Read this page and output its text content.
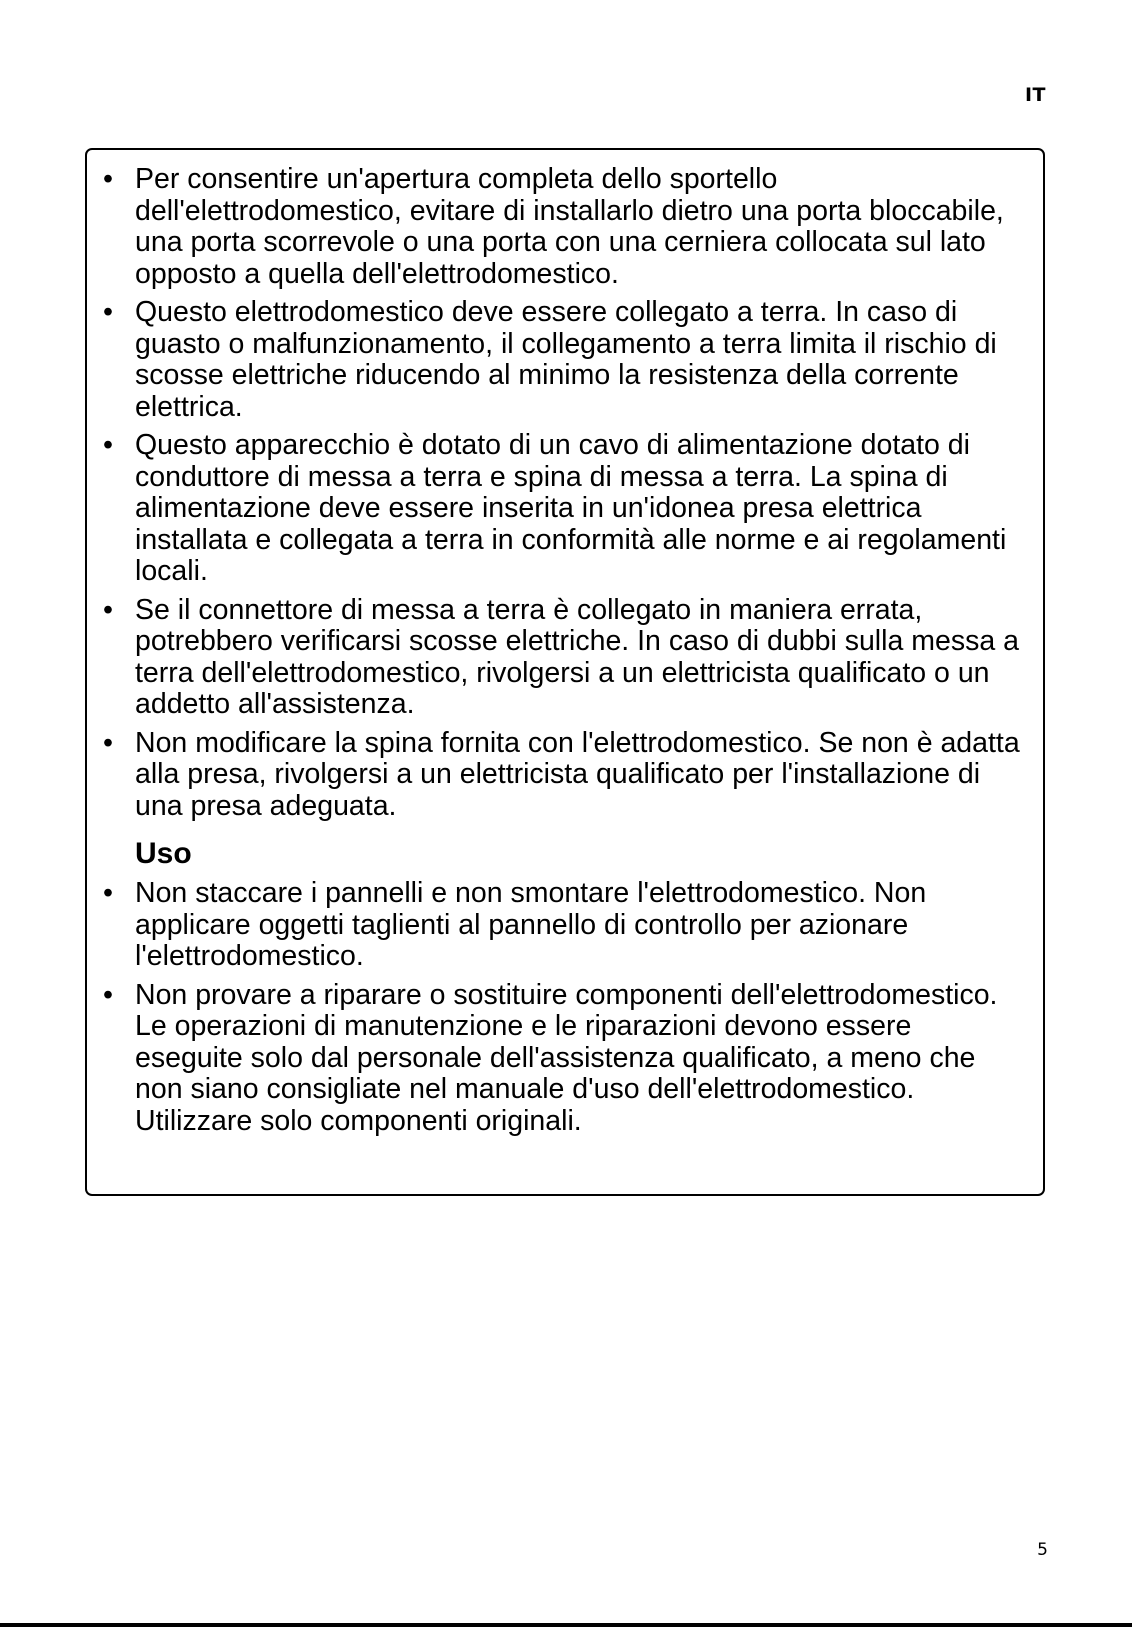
IT
• Per consentire un'apertura completa dello sportello dell'elettrodomestico, evitare di installarlo dietro una porta bloccabile, una porta scorrevole o una porta con una cerniera collocata sul lato opposto a quella dell'elettrodomestico.
• Questo elettrodomestico deve essere collegato a terra. In caso di guasto o malfunzionamento, il collegamento a terra limita il rischio di scosse elettriche riducendo al minimo la resistenza della corrente elettrica.
• Questo apparecchio è dotato di un cavo di alimentazione dotato di conduttore di messa a terra e spina di messa a terra. La spina di alimentazione deve essere inserita in un'idonea presa elettrica installata e collegata a terra in conformità alle norme e ai regolamenti locali.
• Se il connettore di messa a terra è collegato in maniera errata, potrebbero verificarsi scosse elettriche. In caso di dubbi sulla messa a terra dell'elettrodomestico, rivolgersi a un elettricista qualificato o un addetto all'assistenza.
• Non modificare la spina fornita con l'elettrodomestico. Se non è adatta alla presa, rivolgersi a un elettricista qualificato per l'installazione di una presa adeguata.
Uso
• Non staccare i pannelli e non smontare l'elettrodomestico. Non applicare oggetti taglienti al pannello di controllo per azionare l'elettrodomestico.
• Non provare a riparare o sostituire componenti dell'elettrodomestico. Le operazioni di manutenzione e le riparazioni devono essere eseguite solo dal personale dell'assistenza qualificato, a meno che non siano consigliate nel manuale d'uso dell'elettrodomestico. Utilizzare solo componenti originali.
5
